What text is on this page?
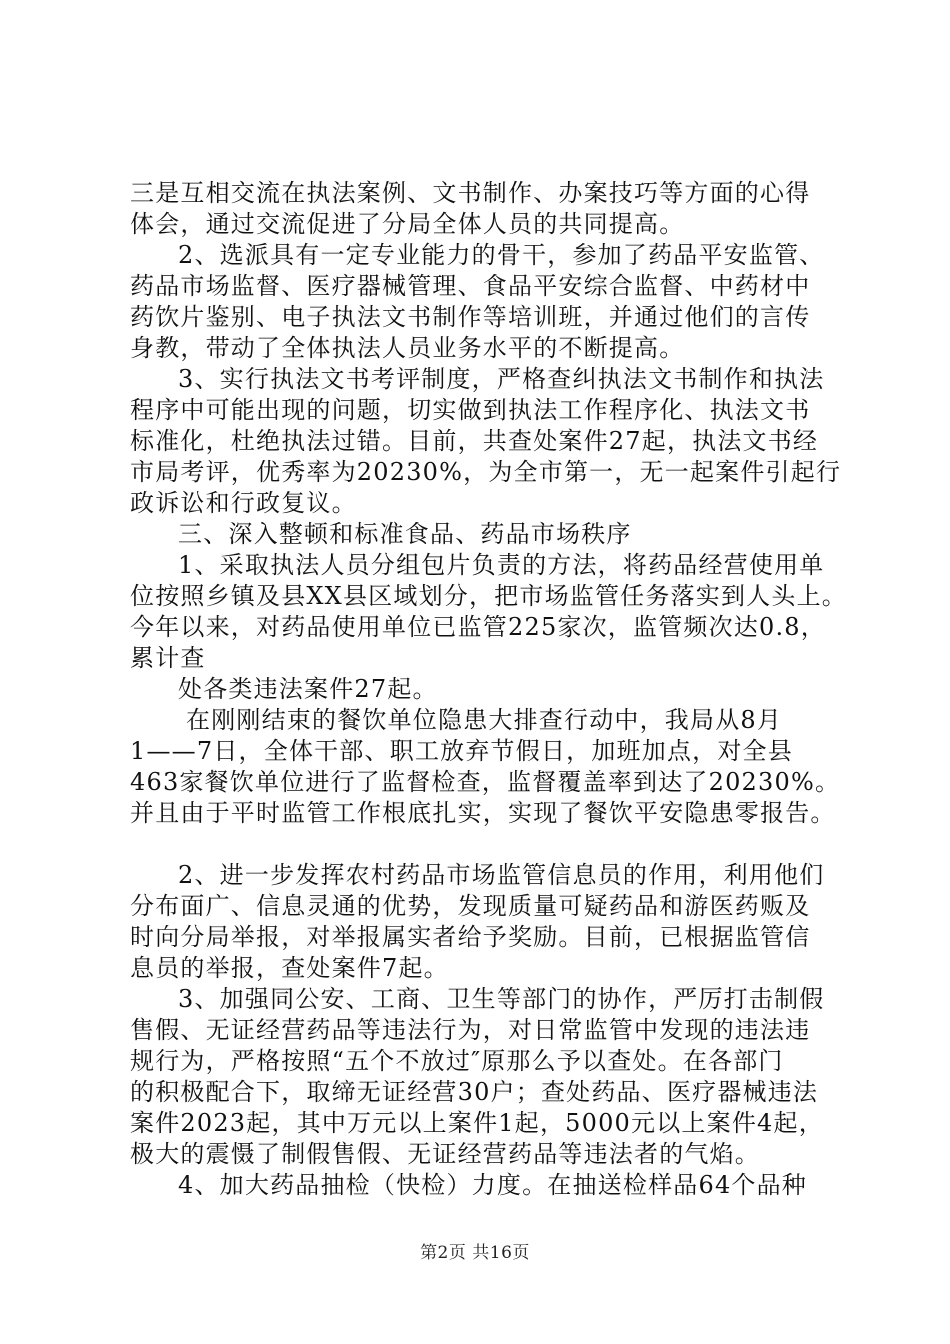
三是互相交流在执法案例、文书制作、办案技巧等方面的心得
体会，通过交流促进了分局全体人员的共同提高。
2、选派具有一定专业能力的骨干，参加了药品平安监管、
药品市场监督、医疗器械管理、食品平安综合监督、中药材中
药饮片鉴别、电子执法文书制作等培训班，并通过他们的言传
身教，带动了全体执法人员业务水平的不断提高。
3、实行执法文书考评制度，严格查纠执法文书制作和执法
程序中可能出现的问题，切实做到执法工作程序化、执法文书
标准化，杜绝执法过错。目前，共查处案件27起，执法文书经
市局考评，优秀率为20230%，为全市第一，无一起案件引起行
政诉讼和行政复议。
三、深入整顿和标准食品、药品市场秩序
1、采取执法人员分组包片负责的方法，将药品经营使用单
位按照乡镇及县XX县区域划分，把市场监管任务落实到人头上。
今年以来，对药品使用单位已监管225家次，监管频次达0.8，
累计查
处各类违法案件27起。
在刚刚结束的餐饮单位隐患大排查行动中，我局从8月
1——7日，全体干部、职工放弃节假日，加班加点，对全县
463家餐饮单位进行了监督检查，监督覆盖率到达了20230%。
并且由于平时监管工作根底扎实，实现了餐饮平安隐患零报告。
2、进一步发挥农村药品市场监管信息员的作用，利用他们
分布面广、信息灵通的优势，发现质量可疑药品和游医药贩及
时向分局举报，对举报属实者给予奖励。目前，已根据监管信
息员的举报，查处案件7起。
3、加强同公安、工商、卫生等部门的协作，严厉打击制假
售假、无证经营药品等违法行为，对日常监管中发现的违法违
规行为，严格按照“五个不放过″原那么予以查处。在各部门
的积极配合下，取缔无证经营30户；查处药品、医疗器械违法
案件2023起，其中万元以上案件1起，5000元以上案件4起，
极大的震慑了制假售假、无证经营药品等违法者的气焰。
4、加大药品抽检（快检）力度。在抽送检样品64个品种
第2页 共16页
